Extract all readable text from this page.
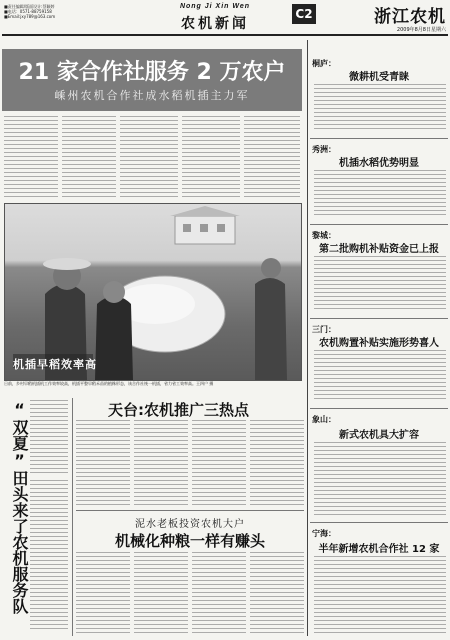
■责任编辑/版面设计:蔡颖婷
■电话：0571-88759158
■Email:jxy789@163.com
Nong Ji Xin Wen
农机新闻
C2	浙江农机
2009年8月8日星期六
21 家合作社服务 2 万农户
嵊州农机合作社成水稻机插主力军
机插早稻效率高
日前，乡村早稻机插机工作效率较高，机插平整早稻禾苗的植株形态，该合作社统一机插，省力省工效率高。王四户 摄
“双夏”田头来了农机服务队	天台:农机推广三热点
泥水老板投资农机大户
机械化种粮一样有赚头
桐庐：
微耕机受青睐
秀洲：
机插水稻优势明显
黎城：
第二批购机补贴资金已上报
三门：
农机购置补贴实施形势喜人
象山：
新式农机具大扩容
宁海：
半年新增农机合作社 12 家
